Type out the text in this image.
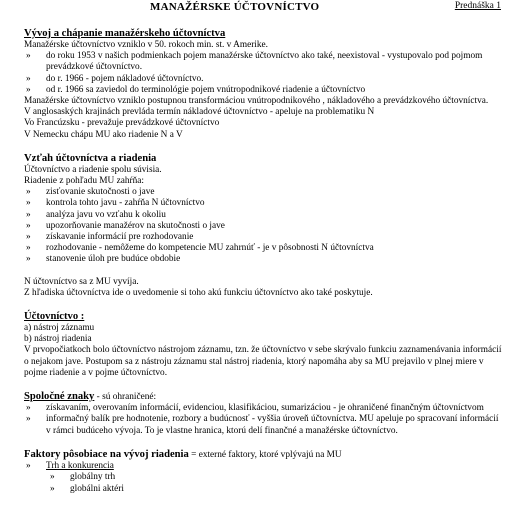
MANAŽÉRSKE ÚČTOVNÍCTVO	Prednáška 1

Vývoj a chápanie manažérskeho účtovníctva

Manažérske účtovníctvo vzniklo v 50. rokoch min. st. v Amerike.

» do roku 1953 v našich podmienkach pojem manažérske účtovníctvo ako také, neexistoval - vystupovalo pod pojmom prevádzkové účtovníctvo.

» do r. 1966 - pojem nákladové účtovníctvo.

» od r. 1966 sa zaviedol do terminológie pojem vnútropodnikové riadenie a účtovníctvo

Manažérske účtovníctvo vzniklo postupnou transformáciou vnútropodnikového , nákladového a prevádzkového účtovníctva.

V anglosaských krajinách prevláda termín nákladové účtovníctvo - apeluje na problematiku N

Vo Francúzsku - prevažuje prevádzkové účtovníctvo

V Nemecku chápu MU ako riadenie N a V

Vzťah účtovníctva a riadenia

Účtovníctvo a riadenie spolu súvisia.

Riadenie z pohľadu MU zahŕňa:

» zisťovanie skutočnosti o jave

» kontrola tohto javu - zahŕňa N účtovníctvo

» analýza javu vo vzťahu k okoliu

» upozorňovanie manažérov na skutočnosti o jave

» získavanie informácií pre rozhodovanie

» rozhodovanie - nemôžeme do kompetencie MU zahrnúť - je v pôsobnosti N účtovníctva

» stanovenie úloh pre budúce obdobie

N účtovníctvo sa z MU vyvíja.

Z hľadiska účtovníctva ide o uvedomenie si toho akú funkciu účtovníctvo ako také poskytuje.

Účtovníctvo :

a) nástroj záznamu

b) nástroj riadenia

V prvopočiatkoch bolo účtovníctvo nástrojom záznamu, tzn. že účtovníctvo v sebe skrývalo funkciu zaznamenávania informácií o nejakom jave. Postupom sa z nástroju záznamu stal nástroj riadenia, ktorý napomáha aby sa MU prejavilo v plnej miere v pojme riadenie a v pojme účtovníctvo.

Spoločné znaky - sú ohraničené:

» získavaním, overovaním informácií, evidenciou, klasifikáciou, sumarizáciou - je ohraničené finančným účtovníctvom

» informačný balík pre hodnotenie, rozbory a budúcnosť - vyššia úroveň účtovníctva. MU apeluje po spracovaní informácií v rámci budúceho vývoja. To je vlastne hranica, ktorú delí finančné a manažérske účtovníctvo.

Faktory pôsobiace na vývoj riadenia = externé faktory, ktoré vplývajú na MU

» Trh a konkurencia

» globálny trh

» globálni aktéri
